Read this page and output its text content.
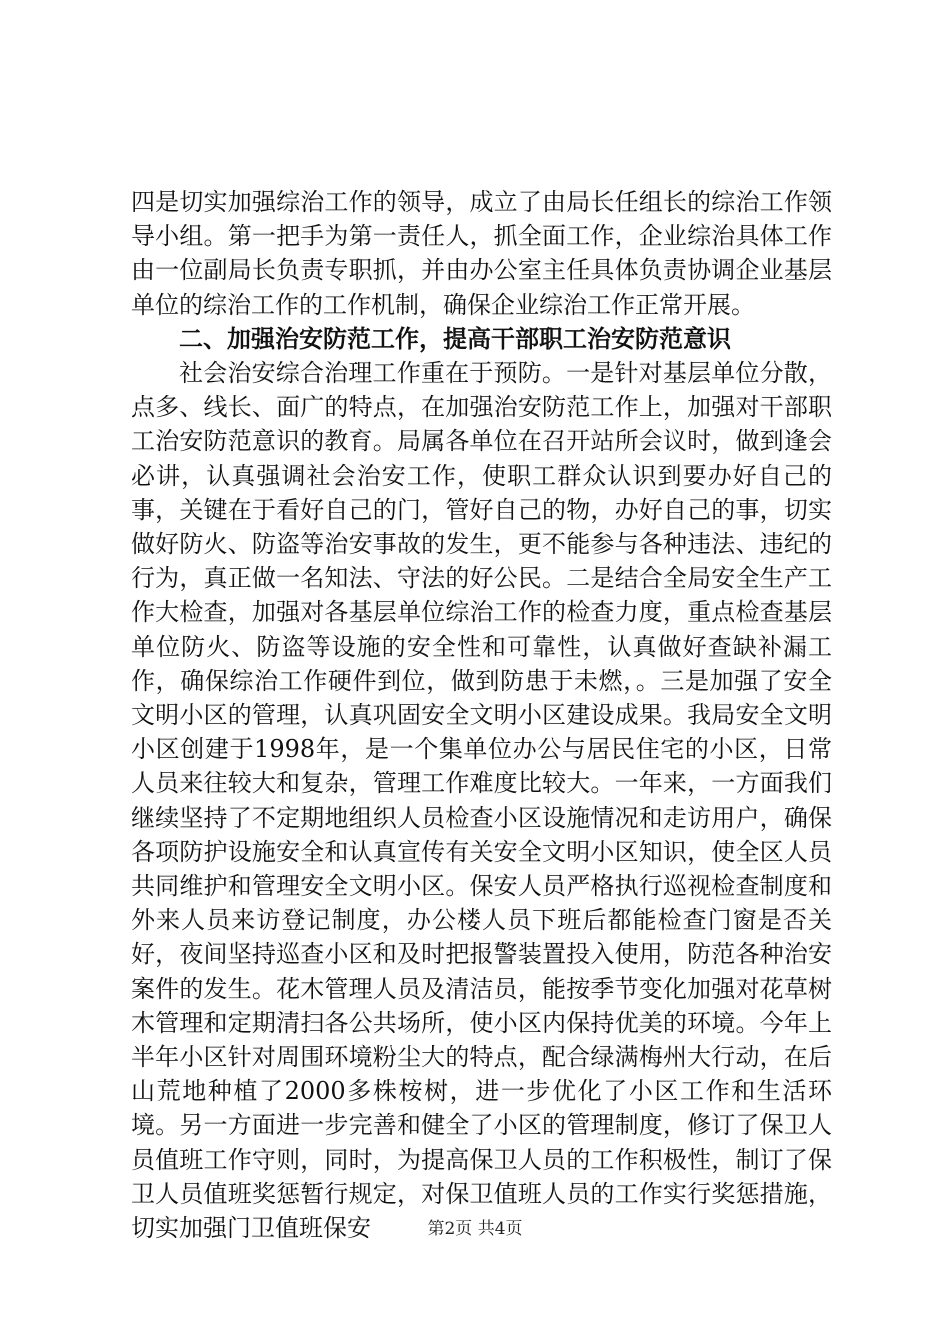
四是切实加强综治工作的领导，成立了由局长任组长的综治工作领导小组。第一把手为第一责任人，抓全面工作，企业综治具体工作由一位副局长负责专职抓，并由办公室主任具体负责协调企业基层单位的综治工作的工作机制，确保企业综治工作正常开展。

二、加强治安防范工作，提高干部职工治安防范意识

社会治安综合治理工作重在于预防。一是针对基层单位分散，点多、线长、面广的特点，在加强治安防范工作上，加强对干部职工治安防范意识的教育。局属各单位在召开站所会议时，做到逢会必讲，认真强调社会治安工作，使职工群众认识到要办好自己的事，关键在于看好自己的门，管好自己的物，办好自己的事，切实做好防火、防盗等治安事故的发生，更不能参与各种违法、违纪的行为，真正做一名知法、守法的好公民。二是结合全局安全生产工作大检查，加强对各基层单位综治工作的检查力度，重点检查基层单位防火、防盗等设施的安全性和可靠性，认真做好查缺补漏工作，确保综治工作硬件到位，做到防患于未燃，。三是加强了安全文明小区的管理，认真巩固安全文明小区建设成果。我局安全文明小区创建于1998年，是一个集单位办公与居民住宅的小区，日常人员来往较大和复杂，管理工作难度比较大。一年来，一方面我们继续坚持了不定期地组织人员检查小区设施情况和走访用户，确保各项防护设施安全和认真宣传有关安全文明小区知识，使全区人员共同维护和管理安全文明小区。保安人员严格执行巡视检查制度和外来人员来访登记制度，办公楼人员下班后都能检查门窗是否关好，夜间坚持巡查小区和及时把报警装置投入使用，防范各种治安案件的发生。花木管理人员及清洁员，能按季节变化加强对花草树木管理和定期清扫各公共场所，使小区内保持优美的环境。今年上半年小区针对周围环境粉尘大的特点，配合绿满梅州大行动，在后山荒地种植了2000多株桉树，进一步优化了小区工作和生活环境。另一方面进一步完善和健全了小区的管理制度，修订了保卫人员值班工作守则，同时，为提高保卫人员的工作积极性，制订了保卫人员值班奖惩暂行规定，对保卫值班人员的工作实行奖惩措施，切实加强门卫值班保安	第2页 共4页
